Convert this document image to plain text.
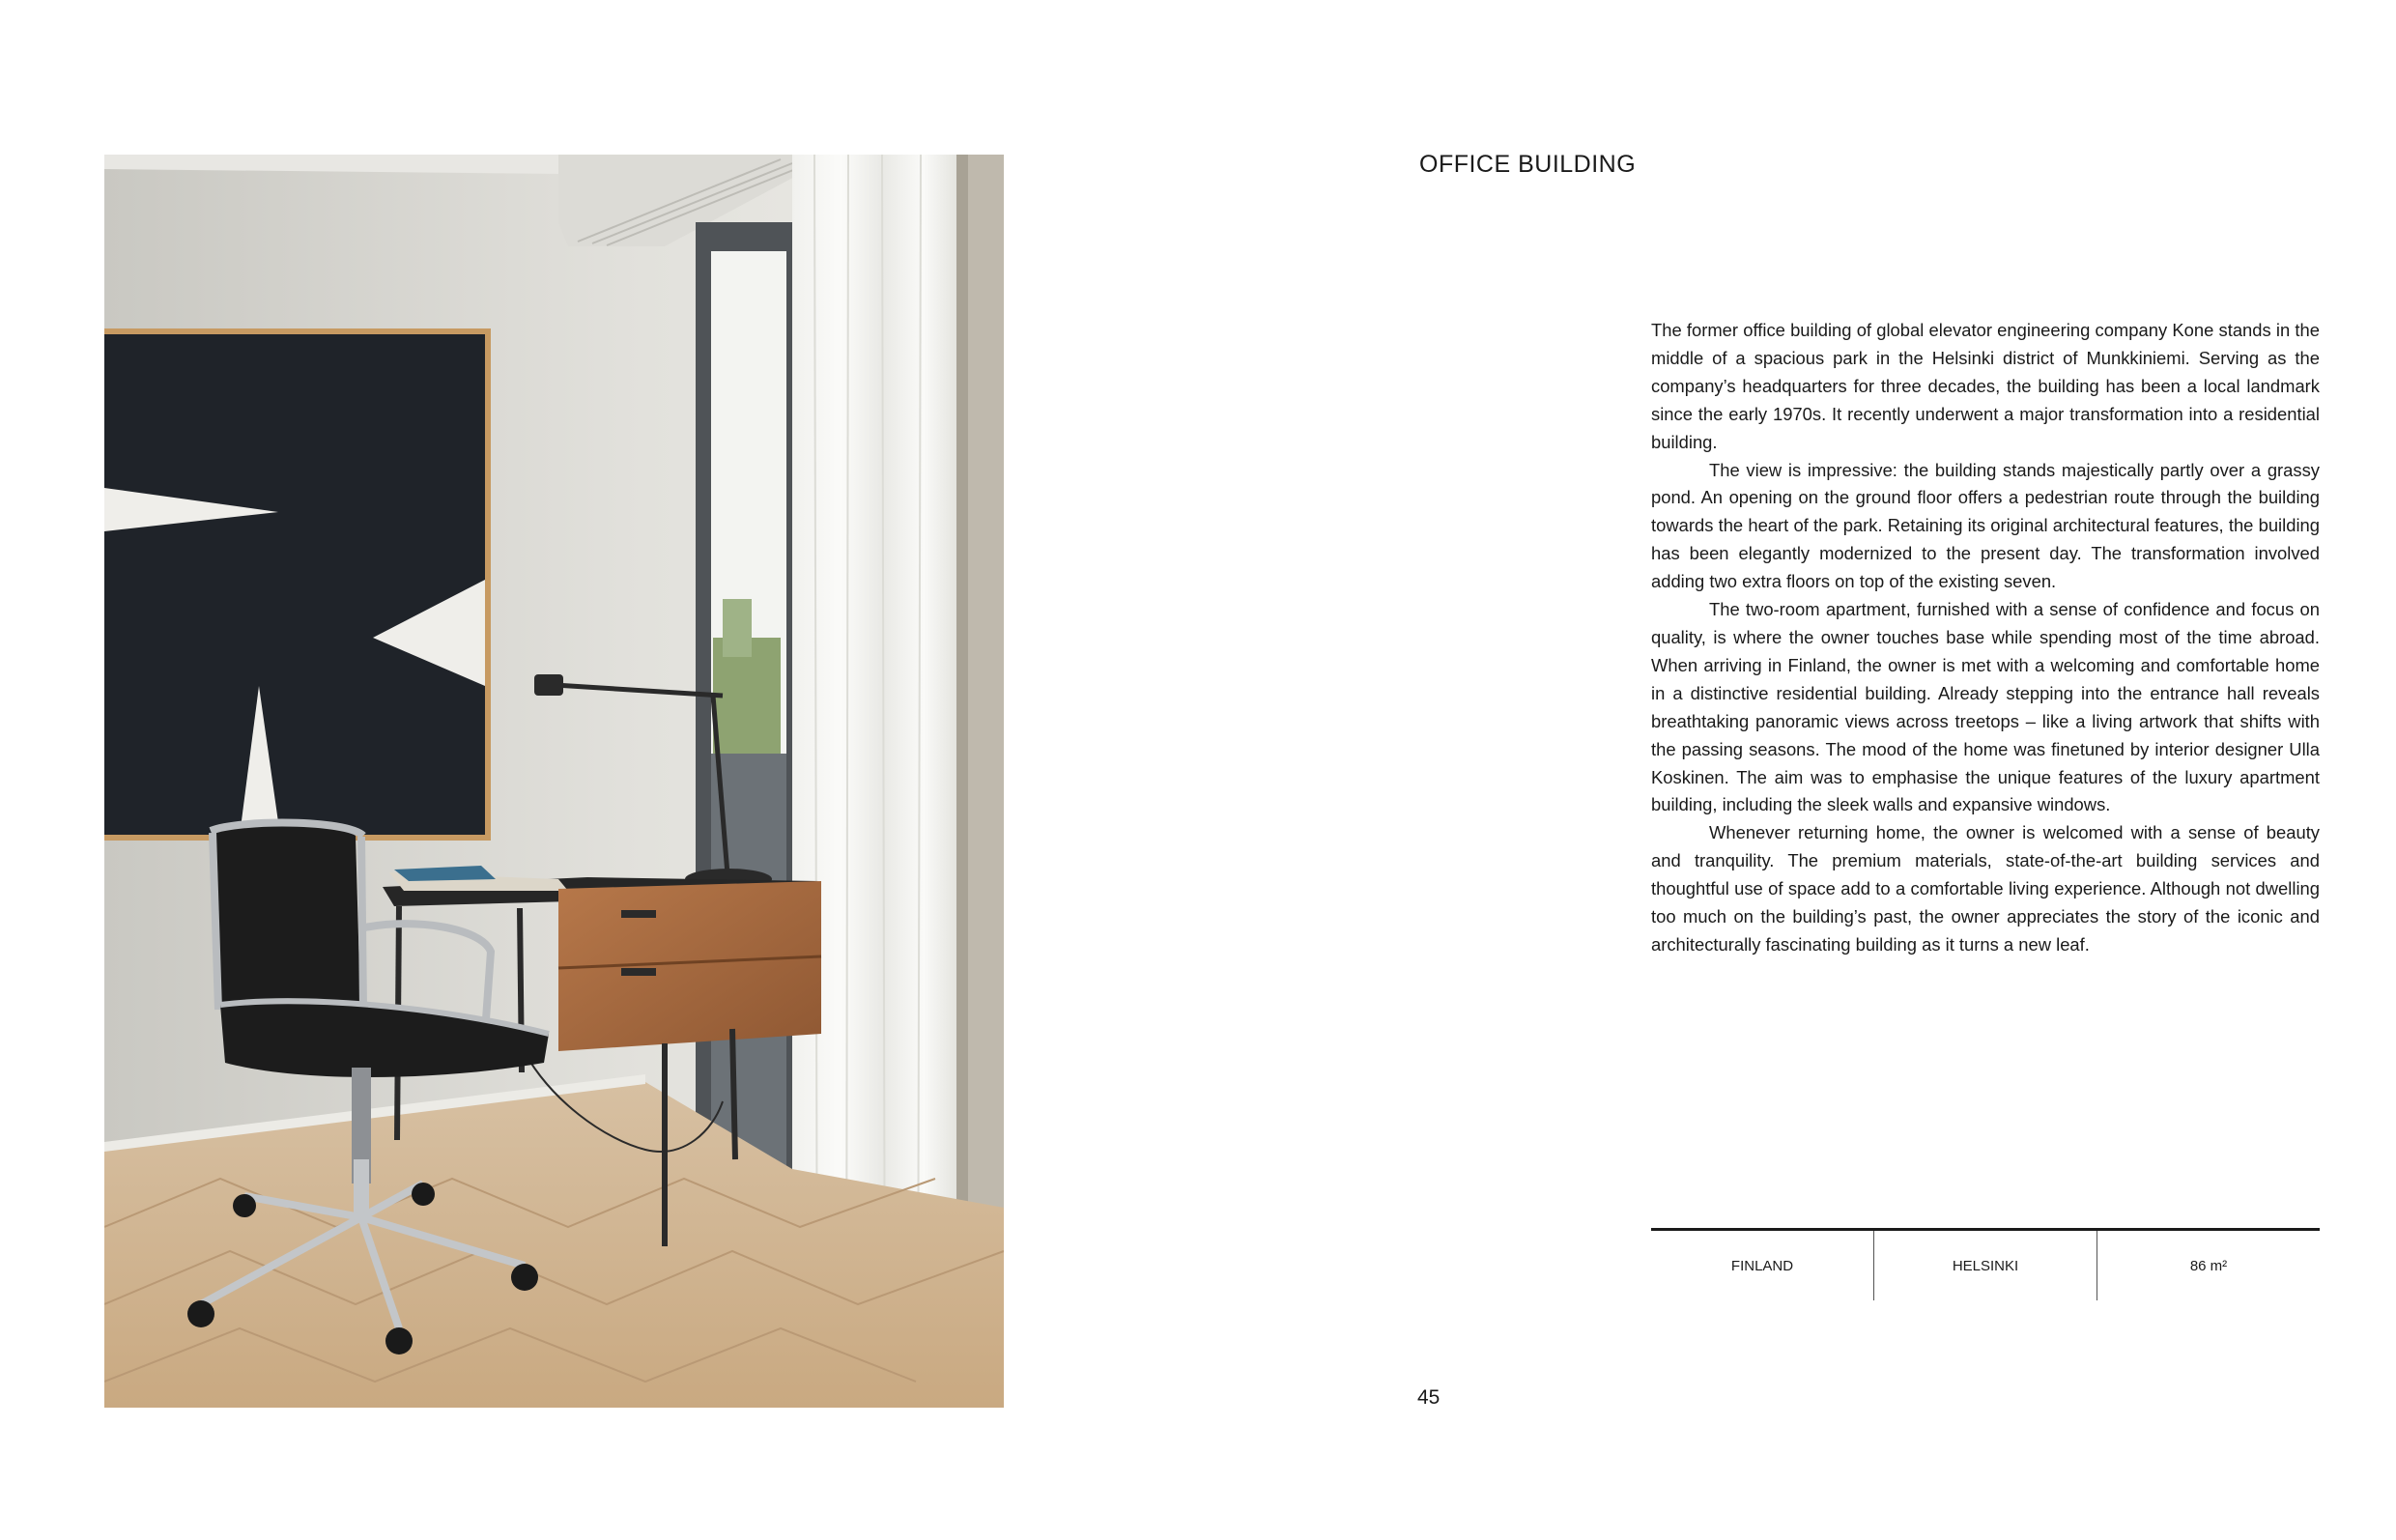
OFFICE BUILDING

The former office building of global elevator engineering company Kone stands in the middle of a spacious park in the Helsinki district of Munkkiniemi. Serving as the company’s headquarters for three decades, the building has been a local landmark since the early 1970s. It recently underwent a major transformation into a residential building.

The view is impressive: the building stands majestically partly over a grassy pond. An opening on the ground floor offers a pedestrian route through the building towards the heart of the park. Retaining its original architectural features, the building has been elegantly modernized to the present day. The transformation involved adding two extra floors on top of the existing seven.

The two-room apartment, furnished with a sense of confidence and focus on quality, is where the owner touches base while spending most of the time abroad. When arriving in Finland, the owner is met with a welcoming and comfortable home in a distinctive residential building. Already stepping into the entrance hall reveals breathtaking panoramic views across treetops – like a living artwork that shifts with the passing seasons. The mood of the home was finetuned by interior designer Ulla Koskinen. The aim was to emphasise the unique features of the luxury apartment building, including the sleek walls and expansive windows.

Whenever returning home, the owner is welcomed with a sense of beauty and tranquility. The premium materials, state-of-the-art building services and thoughtful use of space add to a comfortable living experience. Although not dwelling too much on the building’s past, the owner appreciates the story of the iconic and architecturally fascinating building as it turns a new leaf.

FINLAND	HELSINKI	86 m²
45
